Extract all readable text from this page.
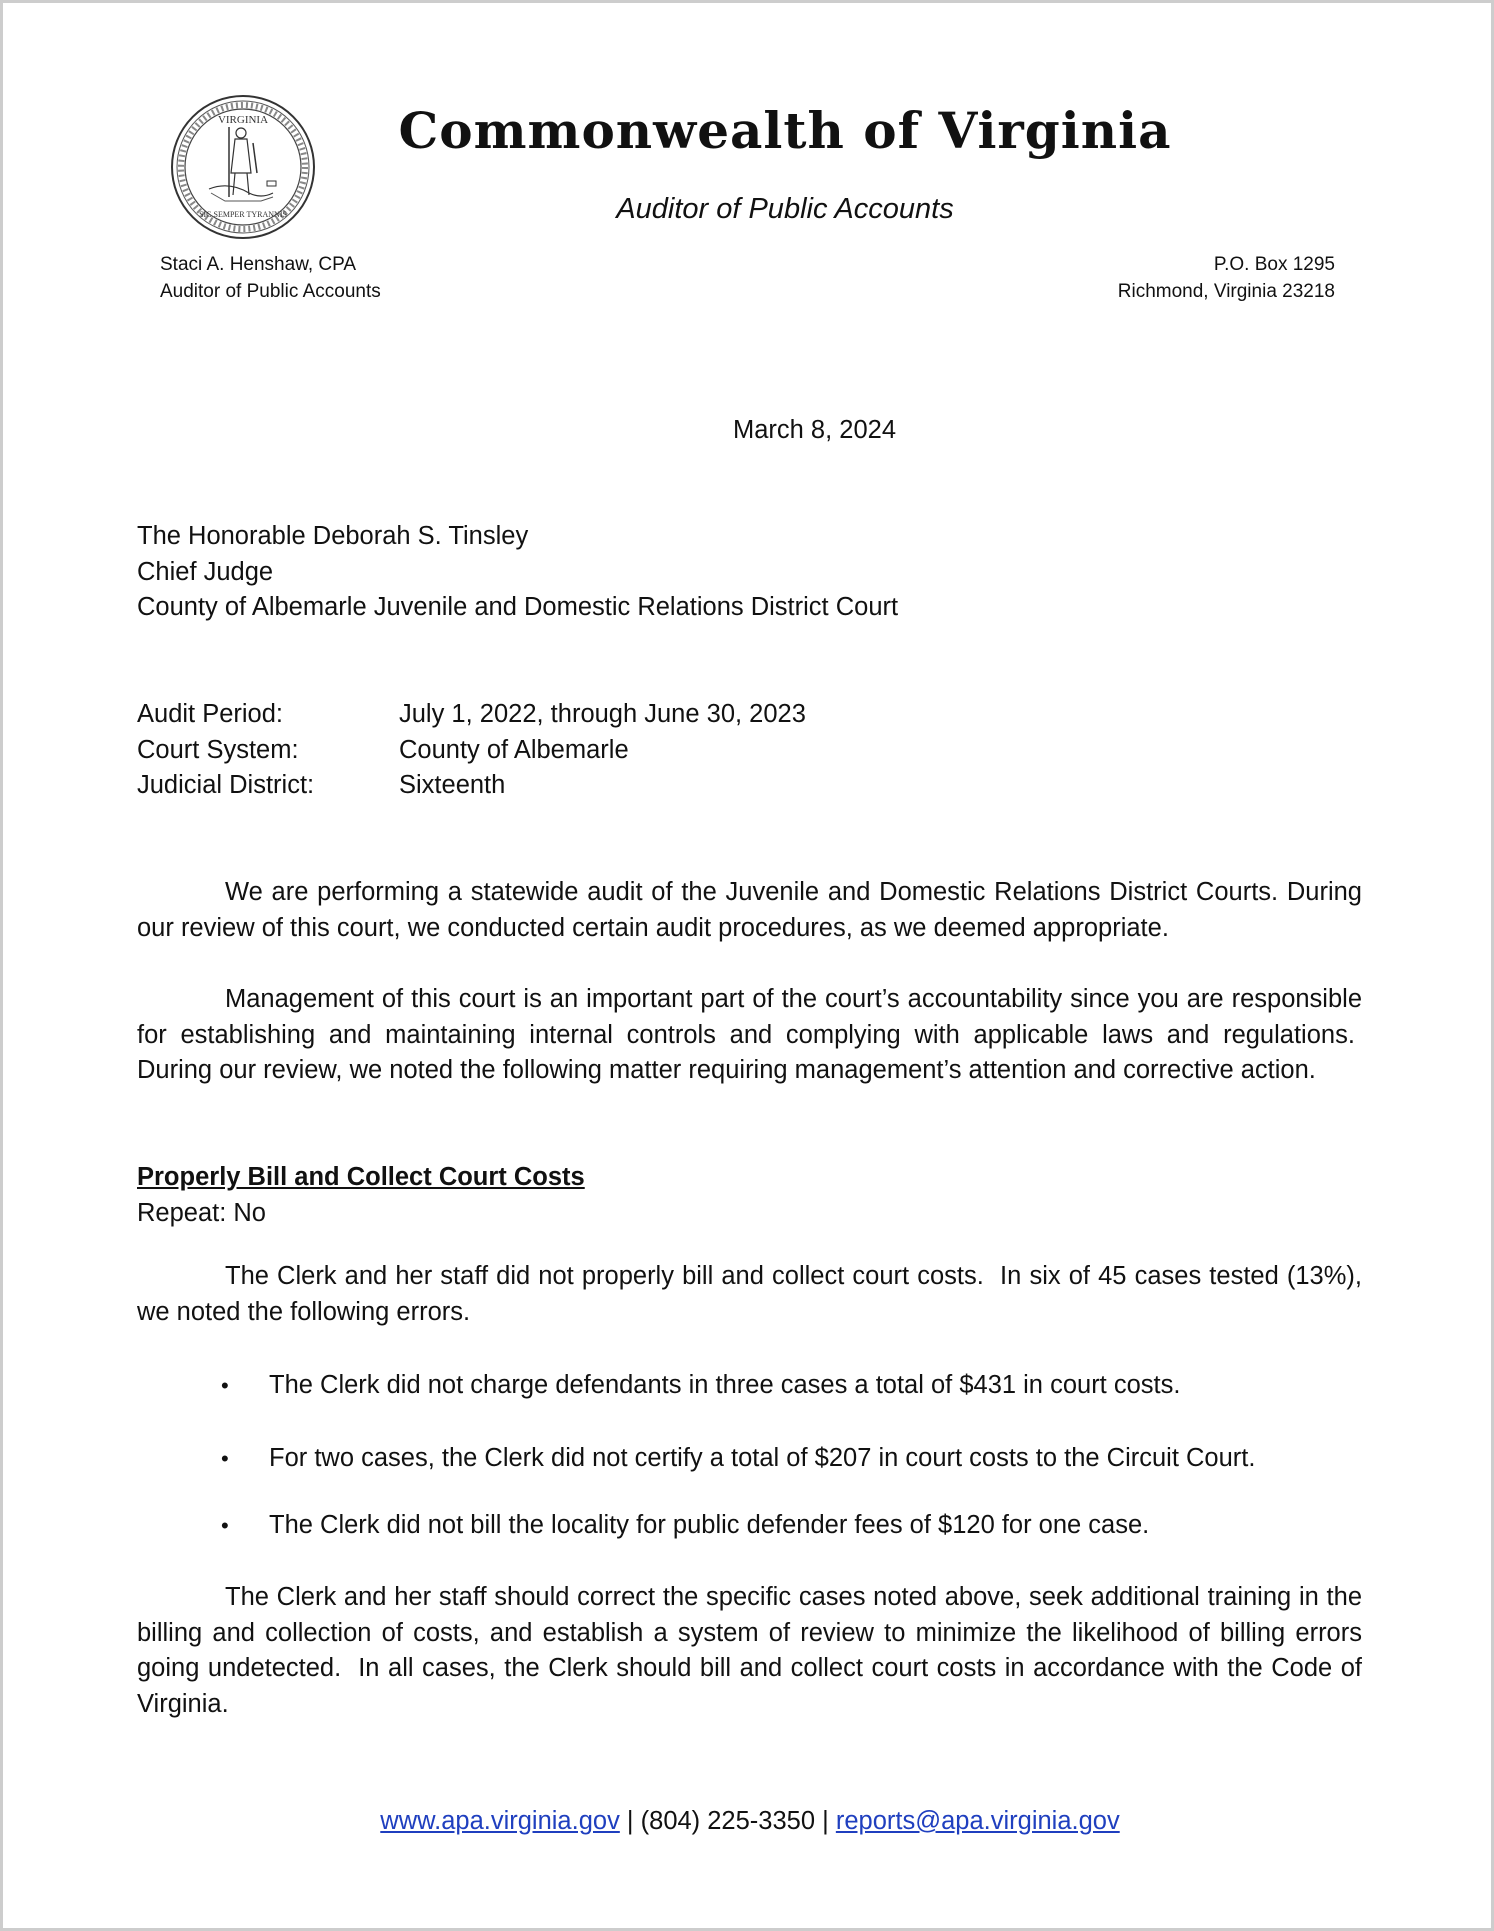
VIRGINIA
SIC SEMPER TYRANNIS
Commonwealth of Virginia
Auditor of Public Accounts
Staci A. Henshaw, CPA
Auditor of Public Accounts
P.O. Box 1295
Richmond, Virginia 23218
March 8, 2024
The Honorable Deborah S. Tinsley
Chief Judge
County of Albemarle Juvenile and Domestic Relations District Court
Audit Period:	July 1, 2022, through June 30, 2023
Court System:	County of Albemarle
Judicial District:	Sixteenth

We are performing a statewide audit of the Juvenile and Domestic Relations District Courts. During our review of this court, we conducted certain audit procedures, as we deemed appropriate.

Management of this court is an important part of the court’s accountability since you are responsible for establishing and maintaining internal controls and complying with applicable laws and regulations.  During our review, we noted the following matter requiring management’s attention and corrective action.

Properly Bill and Collect Court Costs
Repeat: No

The Clerk and her staff did not properly bill and collect court costs.  In six of 45 cases tested (13%), we noted the following errors.

•	The Clerk did not charge defendants in three cases a total of $431 in court costs.
•	For two cases, the Clerk did not certify a total of $207 in court costs to the Circuit Court.
•	The Clerk did not bill the locality for public defender fees of $120 for one case.

The Clerk and her staff should correct the specific cases noted above, seek additional training in the billing and collection of costs, and establish a system of review to minimize the likelihood of billing errors going undetected.  In all cases, the Clerk should bill and collect court costs in accordance with the Code of Virginia.

www.apa.virginia.gov | (804) 225-3350 | reports@apa.virginia.gov
